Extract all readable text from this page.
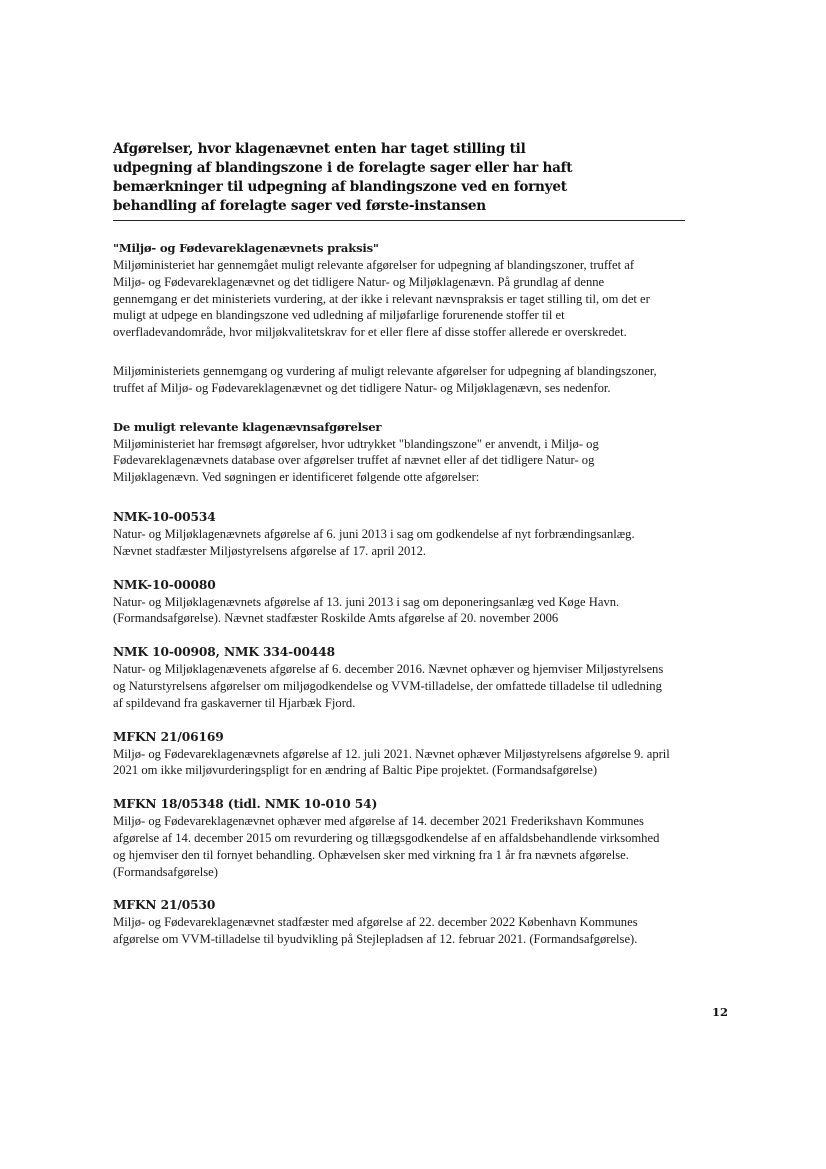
Afgørelser, hvor klagenævnet enten har taget stilling til
udpegning af blandingszone i de forelagte sager eller har haft
bemærkninger til udpegning af blandingszone ved en fornyet
behandling af forelagte sager ved første-instansen
"Miljø- og Fødevareklagenævnets praksis"
Miljøministeriet har gennemgået muligt relevante afgørelser for udpegning af blandingszoner, truffet af
Miljø- og Fødevareklagenævnet og det tidligere Natur- og Miljøklagenævn. På grundlag af denne
gennemgang er det ministeriets vurdering, at der ikke i relevant nævnspraksis er taget stilling til, om det er
muligt at udpege en blandingszone ved udledning af miljøfarlige forurenende stoffer til et
overfladevandområde, hvor miljøkvalitetskrav for et eller flere af disse stoffer allerede er overskredet.
Miljøministeriets gennemgang og vurdering af muligt relevante afgørelser for udpegning af blandingszoner,
truffet af Miljø- og Fødevareklagenævnet og det tidligere Natur- og Miljøklagenævn, ses nedenfor.
De muligt relevante klagenævnsafgørelser
Miljøministeriet har fremsøgt afgørelser, hvor udtrykket "blandingszone" er anvendt, i Miljø- og
Fødevareklagenævnets database over afgørelser truffet af nævnet eller af det tidligere Natur- og
Miljøklagenævn. Ved søgningen er identificeret følgende otte afgørelser:
NMK-10-00534
Natur- og Miljøklagenævnets afgørelse af 6. juni 2013 i sag om godkendelse af nyt forbrændingsanlæg.
Nævnet stadfæster Miljøstyrelsens afgørelse af 17. april 2012.
NMK-10-00080
Natur- og Miljøklagenævnets afgørelse af 13. juni 2013 i sag om deponeringsanlæg ved Køge Havn.
(Formandsafgørelse). Nævnet stadfæster Roskilde Amts afgørelse af 20. november 2006
NMK 10-00908, NMK 334-00448
Natur- og Miljøklagenævenets afgørelse af 6. december 2016. Nævnet ophæver og hjemviser Miljøstyrelsens
og Naturstyrelsens afgørelser om miljøgodkendelse og VVM-tilladelse, der omfattede tilladelse til udledning
af spildevand fra gaskaverner til Hjarbæk Fjord.
MFKN 21/06169
Miljø- og Fødevareklagenævnets afgørelse af 12. juli 2021. Nævnet ophæver Miljøstyrelsens afgørelse 9. april
2021 om ikke miljøvurderingspligt for en ændring af Baltic Pipe projektet. (Formandsafgørelse)
MFKN 18/05348 (tidl. NMK 10-010 54)
Miljø- og Fødevareklagenævnet ophæver med afgørelse af 14. december 2021 Frederikshavn Kommunes
afgørelse af 14. december 2015 om revurdering og tillægsgodkendelse af en affaldsbehandlende virksomhed
og hjemviser den til fornyet behandling. Ophævelsen sker med virkning fra 1 år fra nævnets afgørelse.
(Formandsafgørelse)
MFKN 21/0530
Miljø- og Fødevareklagenævnet stadfæster med afgørelse af 22. december 2022 København Kommunes
afgørelse om VVM-tilladelse til byudvikling på Stejlepladsen af 12. februar 2021. (Formandsafgørelse).
12
